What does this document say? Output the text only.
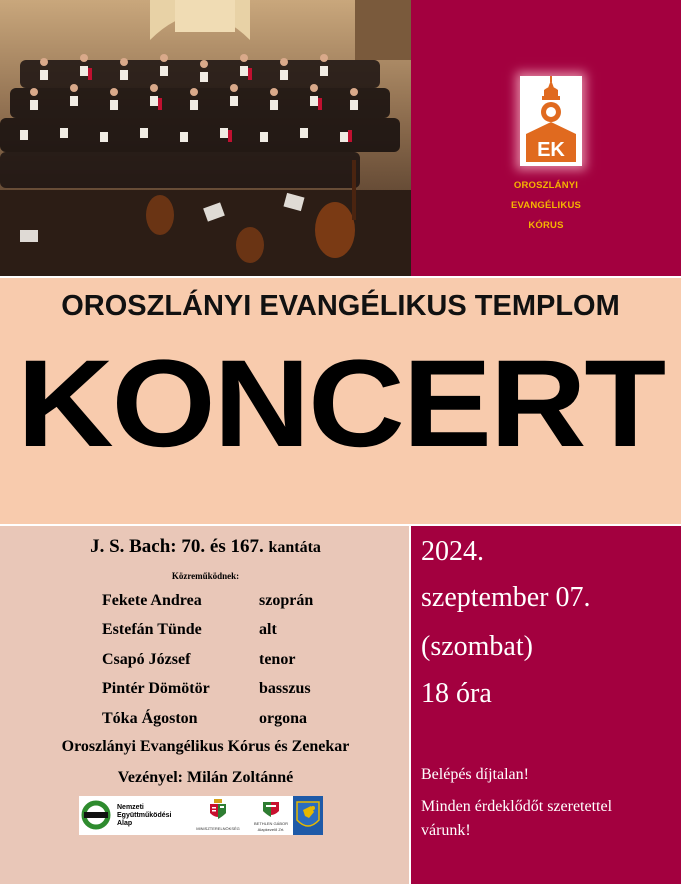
EK
OROSZLÁNYI
EVANGÉLIKUS
KÓRUS
OROSZLÁNYI EVANGÉLIKUS TEMPLOM
KONCERT
J. S. Bach: 70. és 167. kantáta
Közreműködnek:
Fekete Andrea	szoprán
Estefán Tünde	alt
Csapó József	tenor
Pintér Dömötör	basszus
Tóka Ágoston	orgona
Oroszlányi Evangélikus Kórus és Zenekar
Vezényel: Milán Zoltánné
Nemzeti
Együttműködési
Alap
MINISZTERELNÖKSÉG
BETHLEN GÁBOR
Alapkezelő Zrt.
2024.
szeptember 07.
(szombat)
18 óra
Belépés díjtalan!
Minden érdeklődőt szeretettel
várunk!
